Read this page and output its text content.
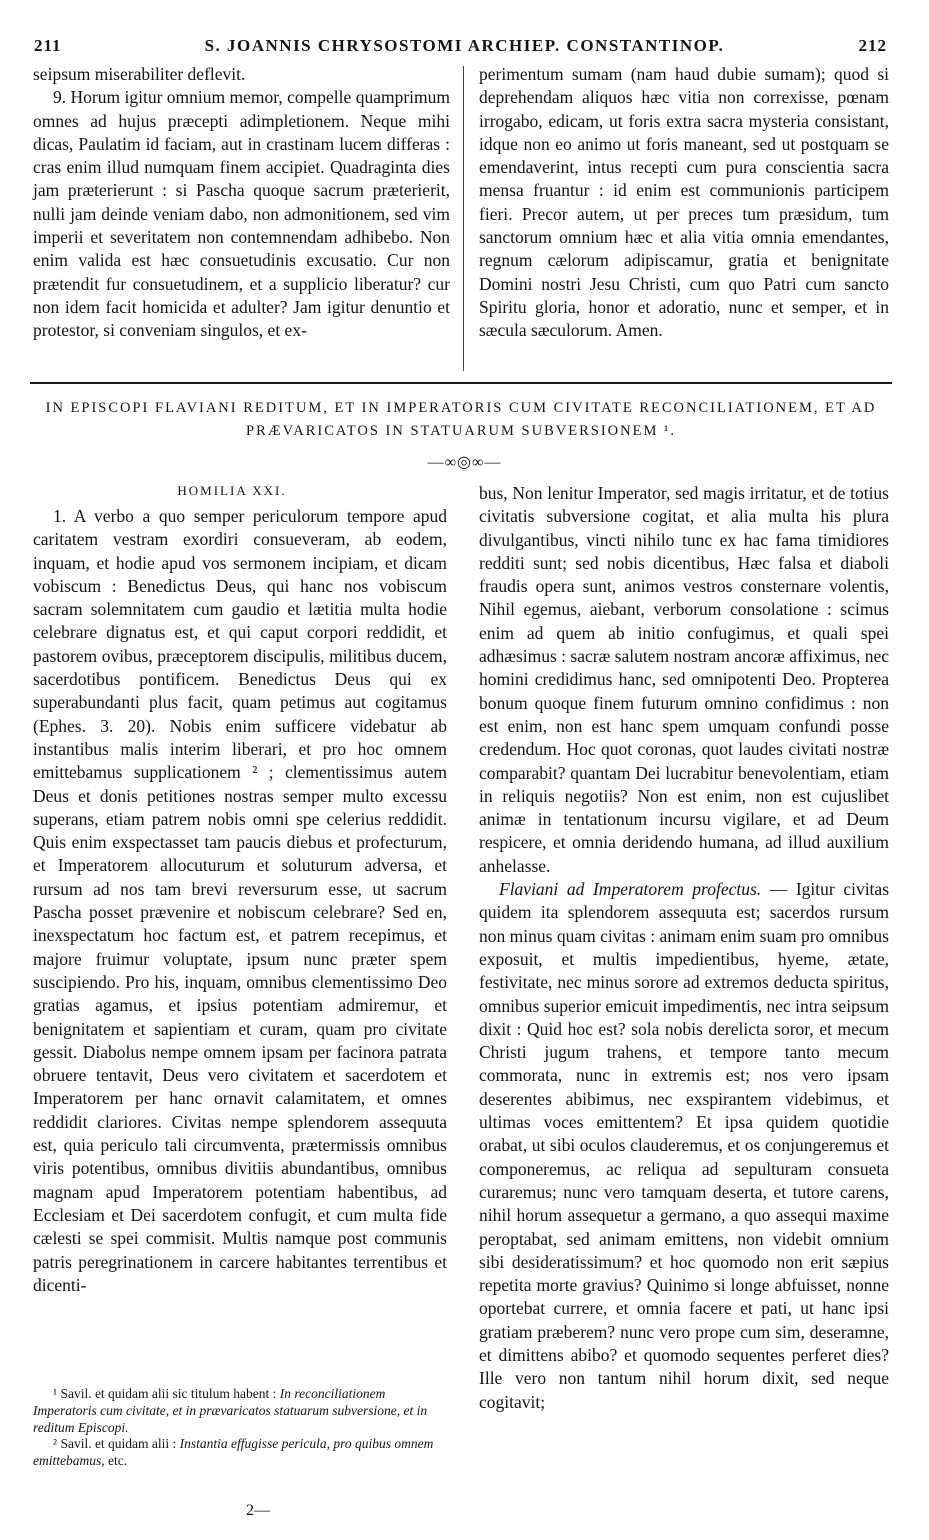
211	S. JOANNIS CHRYSOSTOMI ARCHIEP. CONSTANTINOP.	212

seipsum miserabiliter deflevit.

9. Horum igitur omnium memor, compelle quamprimum omnes ad hujus præcepti adimpletionem. Neque mihi dicas, Paulatim id faciam, aut in crastinam lucem differas : cras enim illud numquam finem accipiet. Quadraginta dies jam præterierunt : si Pascha quoque sacrum præterierit, nulli jam deinde veniam dabo, non admonitionem, sed vim imperii et severitatem non contemnendam adhibebo. Non enim valida est hæc consuetudinis excusatio. Cur non prætendit fur consuetudinem, et a supplicio liberatur? cur non idem facit homicida et adulter? Jam igitur denuntio et protestor, si conveniam singulos, et ex-

perimentum sumam (nam haud dubie sumam); quod si deprehendam aliquos hæc vitia non correxisse, pœnam irrogabo, edicam, ut foris extra sacra mysteria consistant, idque non eo animo ut foris maneant, sed ut postquam se emendaverint, intus recepti cum pura conscientia sacra mensa fruantur : id enim est communionis participem fieri. Precor autem, ut per preces tum præsidum, tum sanctorum omnium hæc et alia vitia omnia emendantes, regnum cælorum adipiscamur, gratia et benignitate Domini nostri Jesu Christi, cum quo Patri cum sancto Spiritu gloria, honor et adoratio, nunc et semper, et in sæcula sæculorum. Amen.

IN EPISCOPI FLAVIANI REDITUM, ET IN IMPERATORIS CUM CIVITATE RECONCILIATIONEM, ET AD PRÆVARICATOS IN STATUARUM SUBVERSIONEM ¹.
—∞◎∞—
HOMILIA XXI.

1. A verbo a quo semper periculorum tempore apud caritatem vestram exordiri consueveram, ab eodem, inquam, et hodie apud vos sermonem incipiam, et dicam vobiscum : Benedictus Deus, qui hanc nos vobiscum sacram solemnitatem cum gaudio et lætitia multa hodie celebrare dignatus est, et qui caput corpori reddidit, et pastorem ovibus, præceptorem discipulis, militibus ducem, sacerdotibus pontificem. Benedictus Deus qui ex superabundanti plus facit, quam petimus aut cogitamus (Ephes. 3. 20). Nobis enim sufficere videbatur ab instantibus malis interim liberari, et pro hoc omnem emittebamus supplicationem ² ; clementissimus autem Deus et donis petitiones nostras semper multo excessu superans, etiam patrem nobis omni spe celerius reddidit. Quis enim exspectasset tam paucis diebus et profecturum, et Imperatorem allocuturum et soluturum adversa, et rursum ad nos tam brevi reversurum esse, ut sacrum Pascha posset prævenire et nobiscum celebrare? Sed en, inexspectatum hoc factum est, et patrem recepimus, et majore fruimur voluptate, ipsum nunc præter spem suscipiendo. Pro his, inquam, omnibus clementissimo Deo gratias agamus, et ipsius potentiam admiremur, et benignitatem et sapientiam et curam, quam pro civitate gessit. Diabolus nempe omnem ipsam per facinora patrata obruere tentavit, Deus vero civitatem et sacerdotem et Imperatorem per hanc ornavit calamitatem, et omnes reddidit clariores. Civitas nempe splendorem assequuta est, quia periculo tali circumventa, prætermissis omnibus viris potentibus, omnibus divitiis abundantibus, omnibus magnam apud Imperatorem potentiam habentibus, ad Ecclesiam et Dei sacerdotem confugit, et cum multa fide cælesti se spei commisit. Multis namque post communis patris peregrinationem in carcere habitantes terrentibus et dicenti-

bus, Non lenitur Imperator, sed magis irritatur, et de totius civitatis subversione cogitat, et alia multa his plura divulgantibus, vincti nihilo tunc ex hac fama timidiores redditi sunt; sed nobis dicentibus, Hæc falsa et diaboli fraudis opera sunt, animos vestros consternare volentis, Nihil egemus, aiebant, verborum consolatione : scimus enim ad quem ab initio confugimus, et quali spei adhæsimus : sacræ salutem nostram ancoræ affiximus, nec homini credidimus hanc, sed omnipotenti Deo. Propterea bonum quoque finem futurum omnino confidimus : non est enim, non est hanc spem umquam confundi posse credendum. Hoc quot coronas, quot laudes civitati nostræ comparabit? quantam Dei lucrabitur benevolentiam, etiam in reliquis negotiis? Non est enim, non est cujuslibet animæ in tentationum incursu vigilare, et ad Deum respicere, et omnia deridendo humana, ad illud auxilium anhelasse.

Flaviani ad Imperatorem profectus. — Igitur civitas quidem ita splendorem assequuta est; sacerdos rursum non minus quam civitas : animam enim suam pro omnibus exposuit, et multis impedientibus, hyeme, ætate, festivitate, nec minus sorore ad extremos deducta spiritus, omnibus superior emicuit impedimentis, nec intra seipsum dixit : Quid hoc est? sola nobis derelicta soror, et mecum Christi jugum trahens, et tempore tanto mecum commorata, nunc in extremis est; nos vero ipsam deserentes abibimus, nec exspirantem videbimus, et ultimas voces emittentem? Et ipsa quidem quotidie orabat, ut sibi oculos clauderemus, et os conjungeremus et componeremus, ac reliqua ad sepulturam consueta curaremus; nunc vero tamquam deserta, et tutore carens, nihil horum assequetur a germano, a quo assequi maxime peroptabat, sed animam emittens, non videbit omnium sibi desideratissimum? et hoc quomodo non erit sæpius repetita morte gravius? Quinimo si longe abfuisset, nonne oportebat currere, et omnia facere et pati, ut hanc ipsi gratiam præberem? nunc vero prope cum sim, deseramne, et dimittens abibo? et quomodo sequentes perferet dies? Ille vero non tantum nihil horum dixit, sed neque cogitavit;

¹ Savil. et quidam alii sic titulum habent : In reconciliationem Imperatoris cum civitate, et in prævaricatos statuarum subversione, et in reditum Episcopi.

² Savil. et quidam alii : Instantia effugisse pericula, pro quibus omnem emittebamus, etc.

2—
